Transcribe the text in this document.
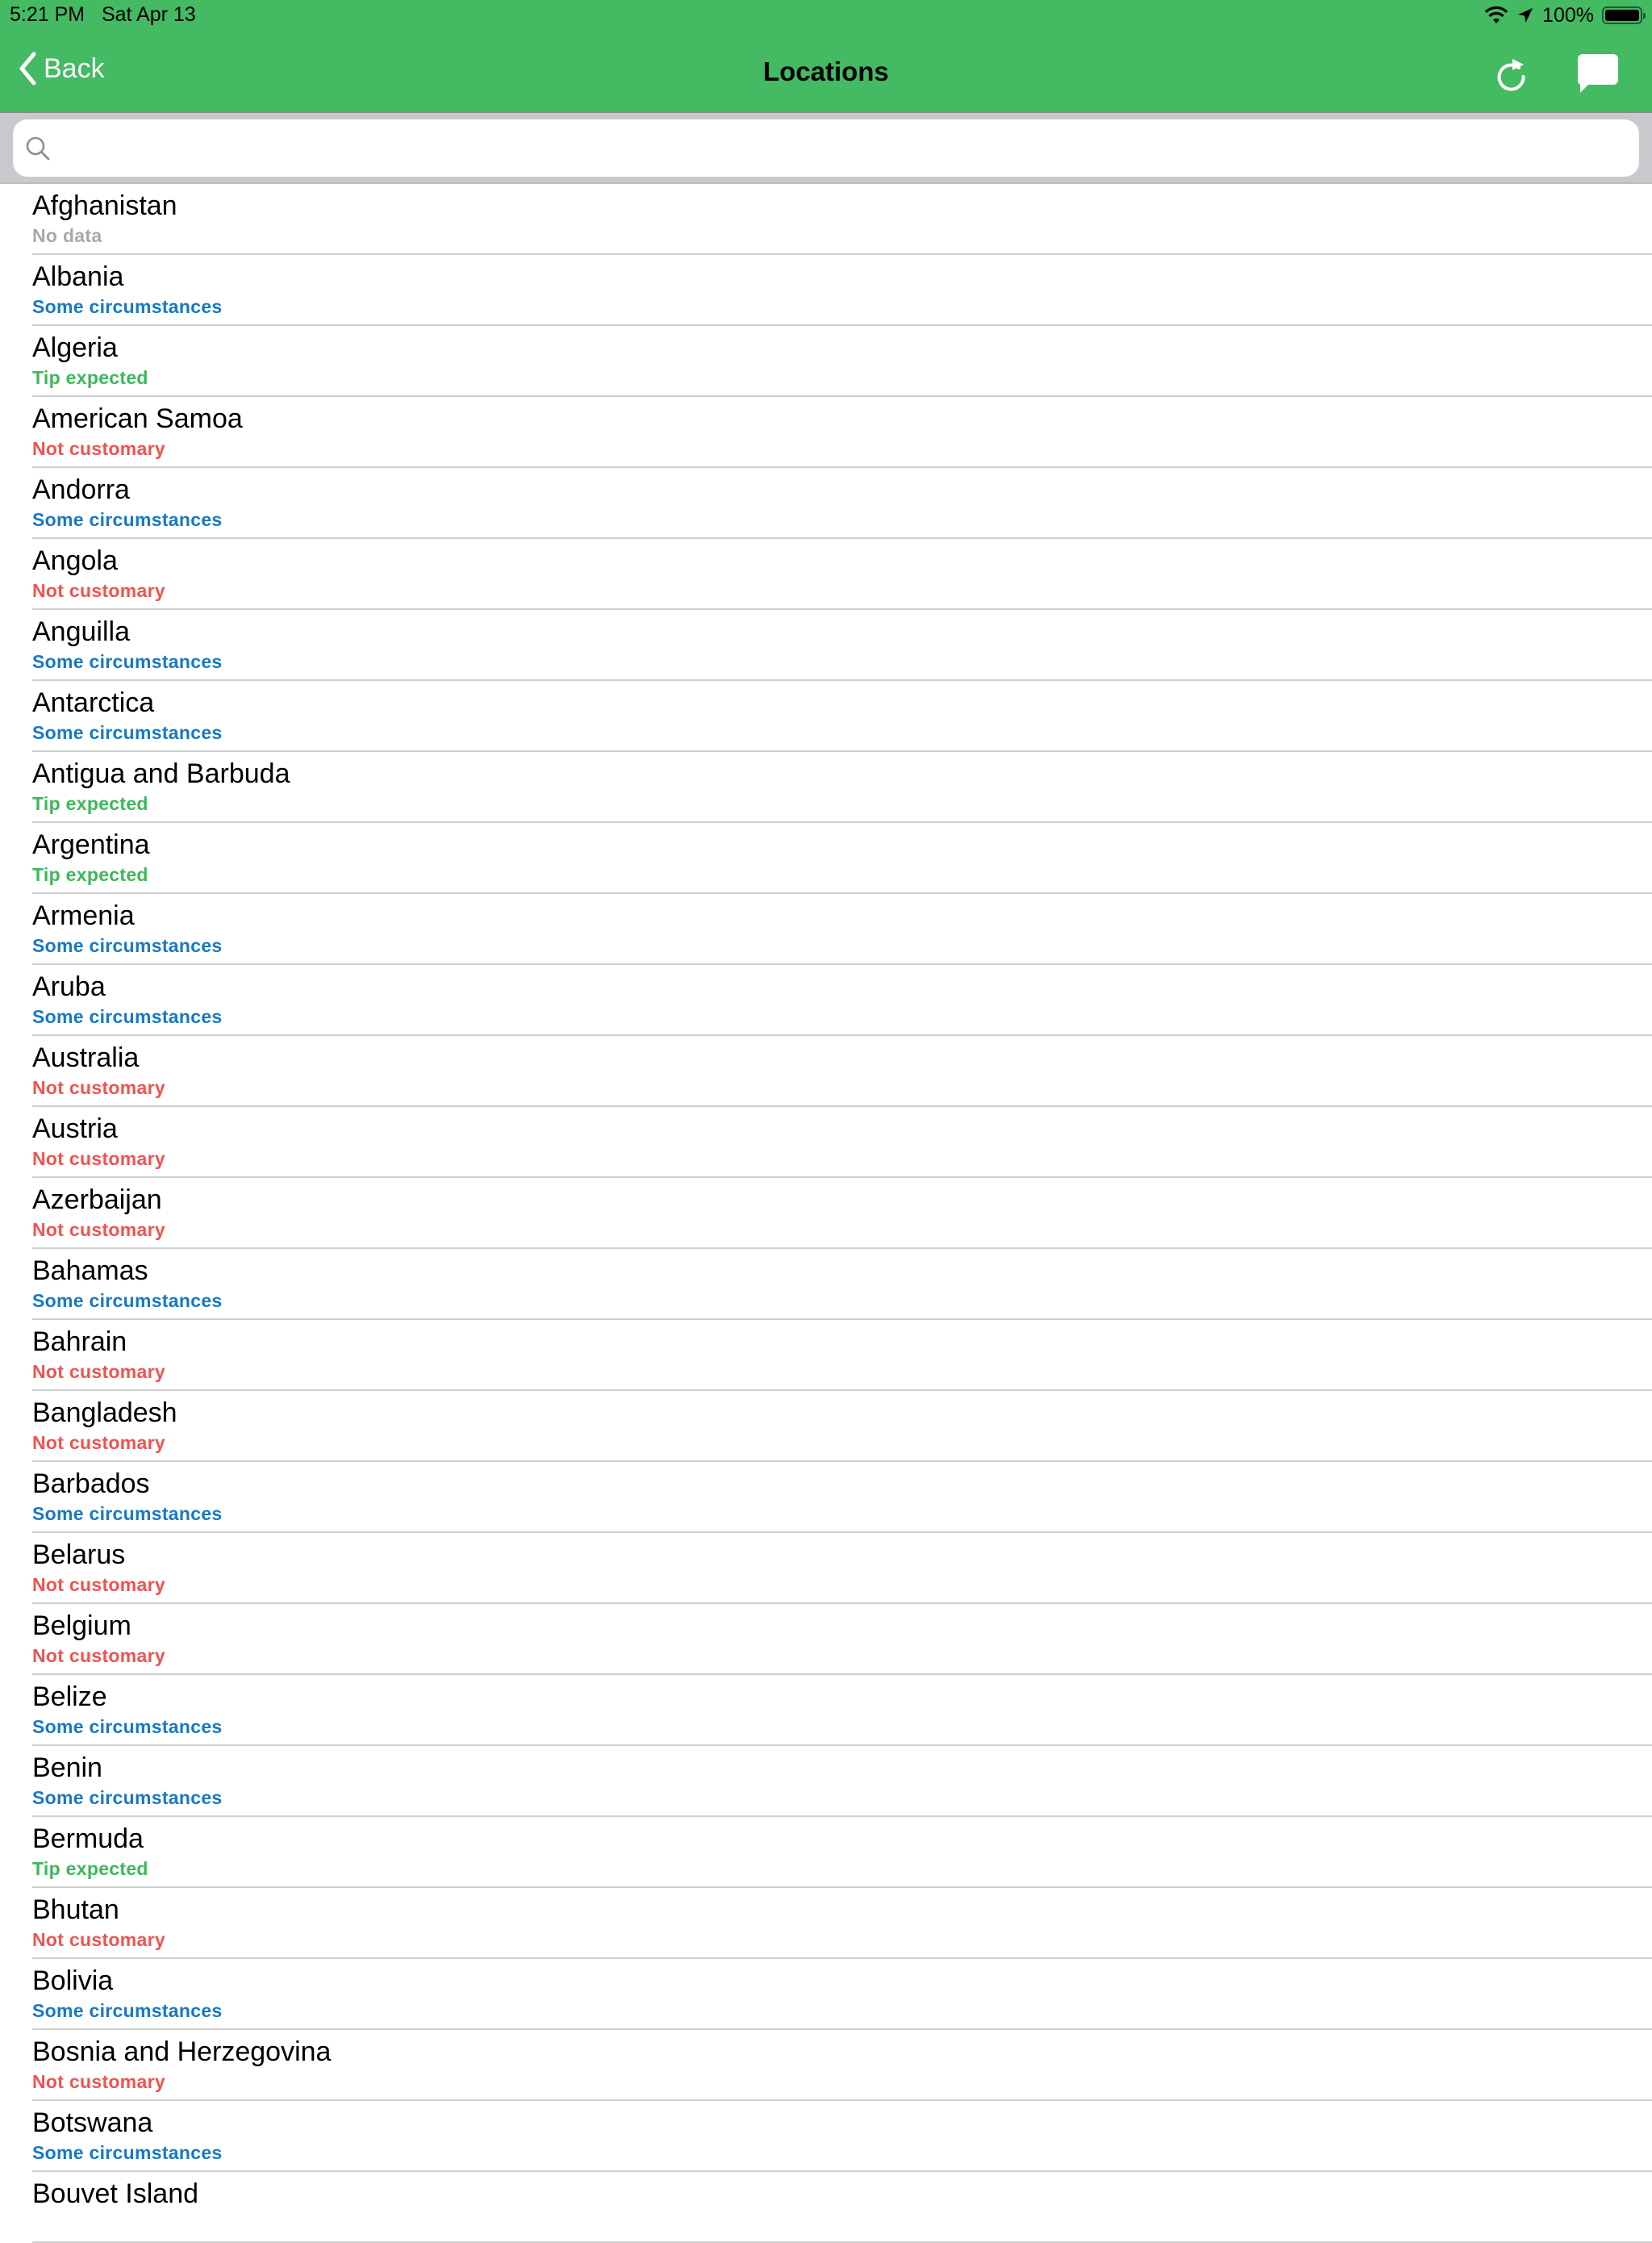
5:21 PM Sat Apr 13	100%
Back	Locations
Afghanistan
No data
Albania
Some circumstances
Algeria
Tip expected
American Samoa
Not customary
Andorra
Some circumstances
Angola
Not customary
Anguilla
Some circumstances
Antarctica
Some circumstances
Antigua and Barbuda
Tip expected
Argentina
Tip expected
Armenia
Some circumstances
Aruba
Some circumstances
Australia
Not customary
Austria
Not customary
Azerbaijan
Not customary
Bahamas
Some circumstances
Bahrain
Not customary
Bangladesh
Not customary
Barbados
Some circumstances
Belarus
Not customary
Belgium
Not customary
Belize
Some circumstances
Benin
Some circumstances
Bermuda
Tip expected
Bhutan
Not customary
Bolivia
Some circumstances
Bosnia and Herzegovina
Not customary
Botswana
Some circumstances
Bouvet Island
